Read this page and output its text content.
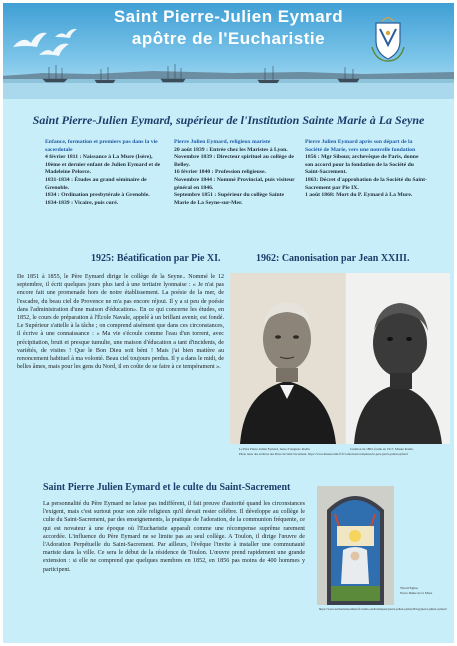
Saint Pierre-Julien Eymard
apôtre de l'Eucharistie
Saint Pierre-Julien Eymard, supérieur de l'Institution Sainte Marie à La Seyne

Enfance, formation et premiers pas dans la vie sacerdotale

4 février 1811 : Naissance à La Mure (Isère), 10ème et dernier enfant de Julien Eymard et de Madeleine Pelorce.

1831-1834 : Études au grand séminaire de Grenoble.

1834 : Ordination presbytérale à Grenoble.

1834-1839 : Vicaire, puis curé.

Pierre Julien Eymard, religieux mariste

20 août 1839 : Entrée chez les Maristes à Lyon.

Novembre 1839 : Directeur spirituel au collège de Belley.

16 février 1840 : Profession religieuse.

Novembre 1844 : Nommé Provincial, puis visiteur général en 1846.

Septembre 1851 : Supérieur du collège Sainte Marie de La Seyne-sur-Mer.

Pierre Julien Eymard après son départ de la Société de Marie, vers une nouvelle fondation

1856 : Mgr Sibour, archevêque de Paris, donne son accord pour la fondation de la Société du Saint-Sacrement.

1863: Décret d'approbation de la Société du Saint-Sacrement par Pie IX.

1 août 1868: Mort du P. Eymard à La Mure.

1925: Béatification par Pie XI.	1962: Canonisation par Jean XXIII.

De 1851 à 1855, le Père Eymard dirige le collège de la Seyne.. Nommé le 12 septembre, il écrit quelques jours plus tard à une tertiaire lyonnaise : « Je n'ai pas encore fait une promenade hors de notre établissement. La poésie de la mer, de l'escadre, du beau ciel de Provence ne m'a pas encore réjoui. Il y a si peu de poésie dans l'administration d'une maison d'éducation». En ce qui concerne les études, en 1852, le cours de préparation à l'École Navale, appelé à un brillant avenir, est fondé. Le Supérieur s'attelle à la tâche ; on comprend aisément que dans ces circonstances, il écrive à une connaissance : « Ma vie s'écoule comme l'eau d'un torrent, avec précipitation, bruit et presque tumulte, une maison d'éducation a tant d'incidents, de variétés, de visites ! Que le Bon Dieu soit béni ! Mais j'ai bien matière au renoncement habituel à ma volonté. Beau ciel toujours perdus. Il y a dans le midi, de belles âmes, mais pour les gens du Nord, il en coûte de se faire à ce tempérament ».

Le Père Pierre-Julien Eymard, buste d'Auguste Rodin	Création de 1863, fondu en 1917, Musée Rodin.
Photo issue des archives des Pères du Saint Sacrement. https://www.museerodin.fr/fr/collections/sculptures/le-pere-pierre-julien-eymard
Saint Pierre Julien Eymard et le culte du Saint-Sacrement

La personnalité du Père Eymard ne laisse pas indifférent, il fait preuve d'autorité quand les circonstances l'exigent, mais c'est surtout pour son zèle religieux qu'il devait rester célèbre. Il développe au collège le culte du Saint-Sacrement, par des enseignements, la pratique de l'adoration, de la communion fréquente, ce qui est novateur à une époque où l'Eucharistie apparaît comme une récompense suprême rarement accordée. L'influence du Père Eymard ne se limite pas au seul collège. A Toulon, il dirige l'œuvre de l'Adoration Perpétuelle du Saint-Sacrement. Par ailleurs, l'évêque l'invite à installer une communauté mariste dans la ville. Ce sera le début de la résidence de Toulon. L'œuvre prend rapidement une grande extension : si elle ne comprend que quelques membres en 1852, en 1856 pas moins de 400 hommes y participent.

Vitrail Eglise
Notre Dame de la Mure
https://www.eucharistiesainteté.fr/saints-eucharistiques/pierre-julien-eymard/blog/pierre-julien-eymard
